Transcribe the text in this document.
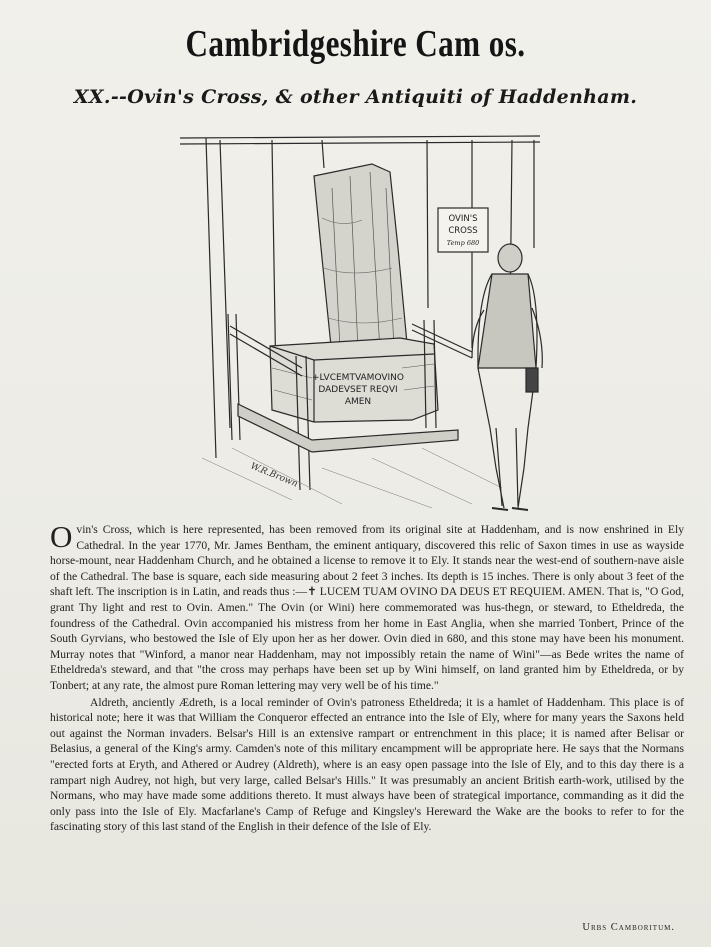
Cambridgeshire Cam os.
XX.--Ovin's Cross, & other Antiquiti of Haddenham.
OVIN'S
CROSS
Temp 680
+LVCEMTVAMOVINO
DADEVSET REQVI
AMEN
W.R.Brown

Ovin's Cross, which is here represented, has been removed from its original site at Haddenham, and is now enshrined in Ely Cathedral. In the year 1770, Mr. James Bentham, the eminent antiquary, discovered this relic of Saxon times in use as wayside horse-mount, near Haddenham Church, and he obtained a license to remove it to Ely. It stands near the west-end of southern-nave aisle of the Cathedral. The base is square, each side measuring about 2 feet 3 inches. Its depth is 15 inches. There is only about 3 feet of the shaft left. The inscription is in Latin, and reads thus :—✝ LUCEM TUAM OVINO DA DEUS ET REQUIEM. AMEN. That is, "O God, grant Thy light and rest to Ovin. Amen." The Ovin (or Wini) here commemorated was hus-thegn, or steward, to Etheldreda, the foundress of the Cathedral. Ovin accompanied his mistress from her home in East Anglia, when she married Tonbert, Prince of the South Gyrvians, who bestowed the Isle of Ely upon her as her dower. Ovin died in 680, and this stone may have been his monument. Murray notes that "Winford, a manor near Haddenham, may not impossibly retain the name of Wini"—as Bede writes the name of Etheldreda's steward, and that "the cross may perhaps have been set up by Wini himself, on land granted him by Etheldreda, or by Tonbert; at any rate, the almost pure Roman lettering may very well be of his time."

Aldreth, anciently Ædreth, is a local reminder of Ovin's patroness Etheldreda; it is a hamlet of Haddenham. This place is of historical note; here it was that William the Conqueror effected an entrance into the Isle of Ely, where for many years the Saxons held out against the Norman invaders. Belsar's Hill is an extensive rampart or entrenchment in this place; it is named after Belisar or Belasius, a general of the King's army. Camden's note of this military encampment will be appropriate here. He says that the Normans "erected forts at Eryth, and Athered or Audrey (Aldreth), where is an easy open passage into the Isle of Ely, and to this day there is a rampart nigh Audrey, not high, but very large, called Belsar's Hills." It was presumably an ancient British earth-work, utilised by the Normans, who may have made some additions thereto. It must always have been of strategical importance, commanding as it did the only pass into the Isle of Ely. Macfarlane's Camp of Refuge and Kingsley's Hereward the Wake are the books to refer to for the fascinating story of this last stand of the English in their defence of the Isle of Ely.

Urbs Camboritum.
